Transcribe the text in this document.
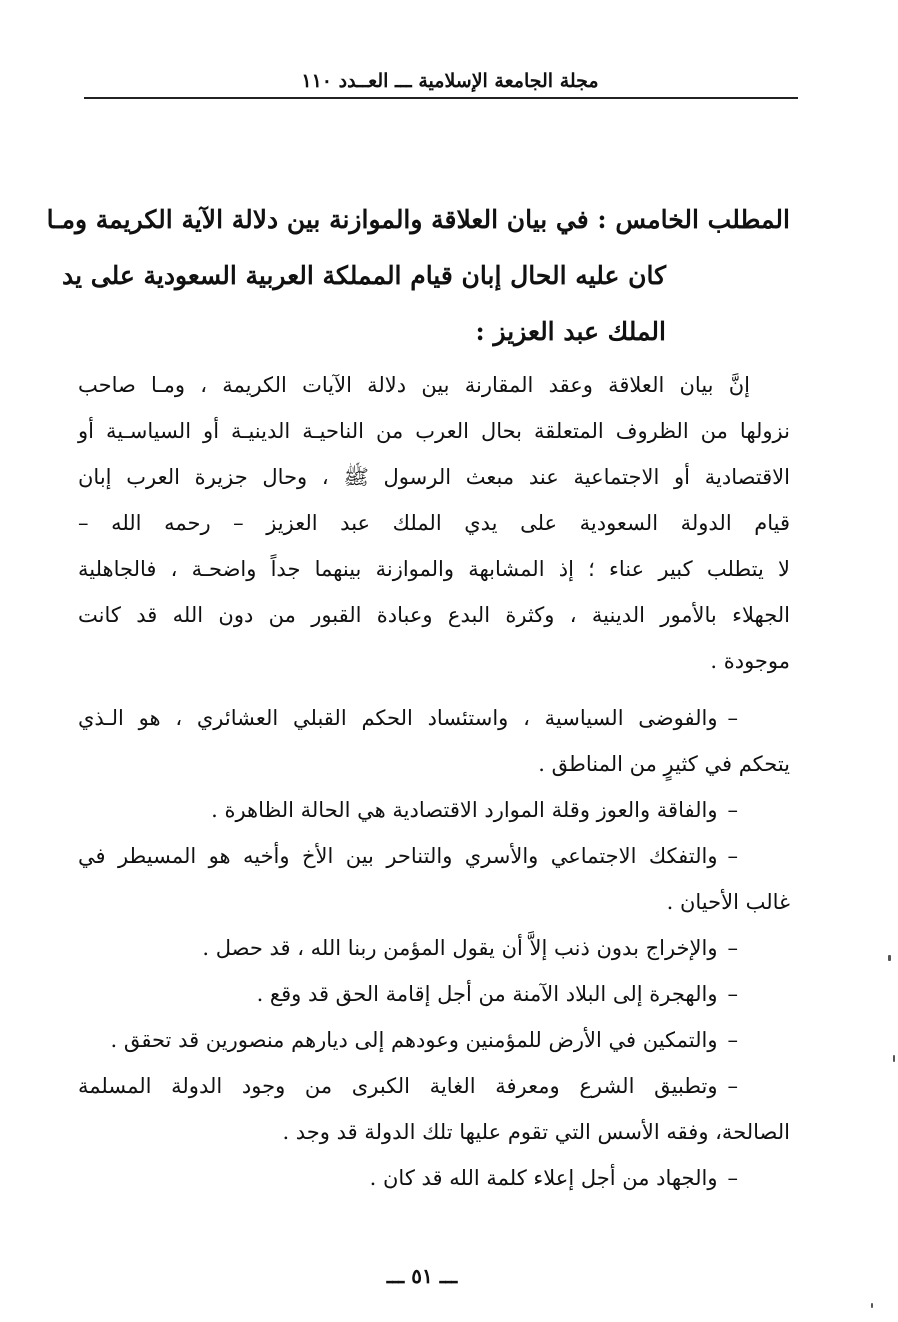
مجلة الجامعة الإسلامية ـــ العــدد ١١٠
المطلب الخامس : في بيان العلاقة والموازنة بين دلالة الآية الكريمة ومـا
كان عليه الحال إبان قيام المملكة العربية السعودية على يد
الملك عبد العزيز :
إنَّ بيان العلاقة وعقد المقارنة بين دلالة الآيات الكريمة ، ومـا صاحب
نزولها من الظروف المتعلقة بحال العرب من الناحيـة الدينيـة أو السياسـية أو
الاقتصادية أو الاجتماعية عند مبعث الرسول ﷺ ، وحال جزيرة العرب إبان
قيام الدولة السعودية على يدي الملك عبد العزيز – رحمه الله –
لا يتطلب كبير عناء ؛ إذ المشابهة والموازنة بينهما جداً واضحـة ، فالجاهلية
الجهلاء بالأمور الدينية ، وكثرة البدع وعبادة القبور من دون الله قد كانت
موجودة .
–والفوضى السياسية ، واستئساد الحكم القبلي العشائري ، هو الـذي
يتحكم في كثيرٍ من المناطق .
–والفاقة والعوز وقلة الموارد الاقتصادية هي الحالة الظاهرة .
–والتفكك الاجتماعي والأسري والتناحر بين الأخ وأخيه هو المسيطر في
غالب الأحيان .
–والإخراج بدون ذنب إلاَّ أن يقول المؤمن ربنا الله ، قد حصل .
–والهجرة إلى البلاد الآمنة من أجل إقامة الحق قد وقع .
–والتمكين في الأرض للمؤمنين وعودهم إلى ديارهم منصورين قد تحقق .
–وتطبيق الشرع ومعرفة الغاية الكبرى من وجود الدولة المسلمة
الصالحة، وفقه الأسس التي تقوم عليها تلك الدولة قد وجد .
–والجهاد من أجل إعلاء كلمة الله قد كان .
ـــ ٥١ ـــ
